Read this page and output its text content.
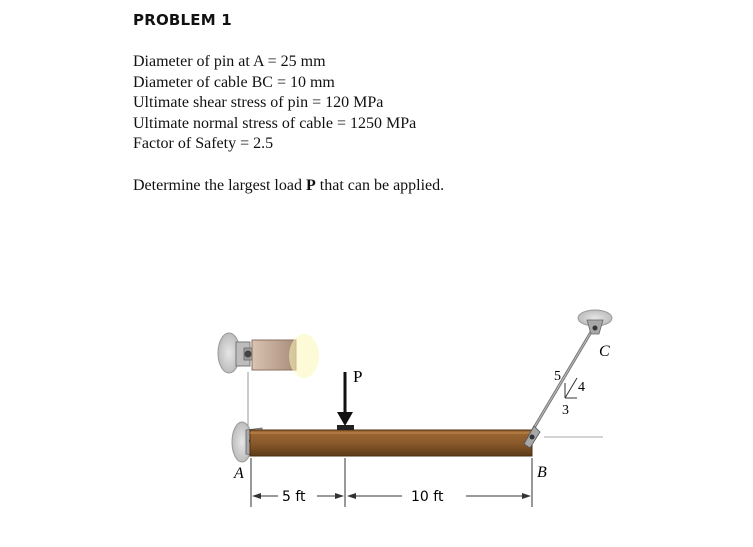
PROBLEM 1
Diameter of pin at A = 25 mm
Diameter of cable BC = 10 mm
Ultimate shear stress of pin = 120 MPa
Ultimate normal stress of cable = 1250 MPa
Factor of Safety = 2.5
Determine the largest load P that can be applied.
5
4
3
C
P
A	B
5 ft	10 ft
